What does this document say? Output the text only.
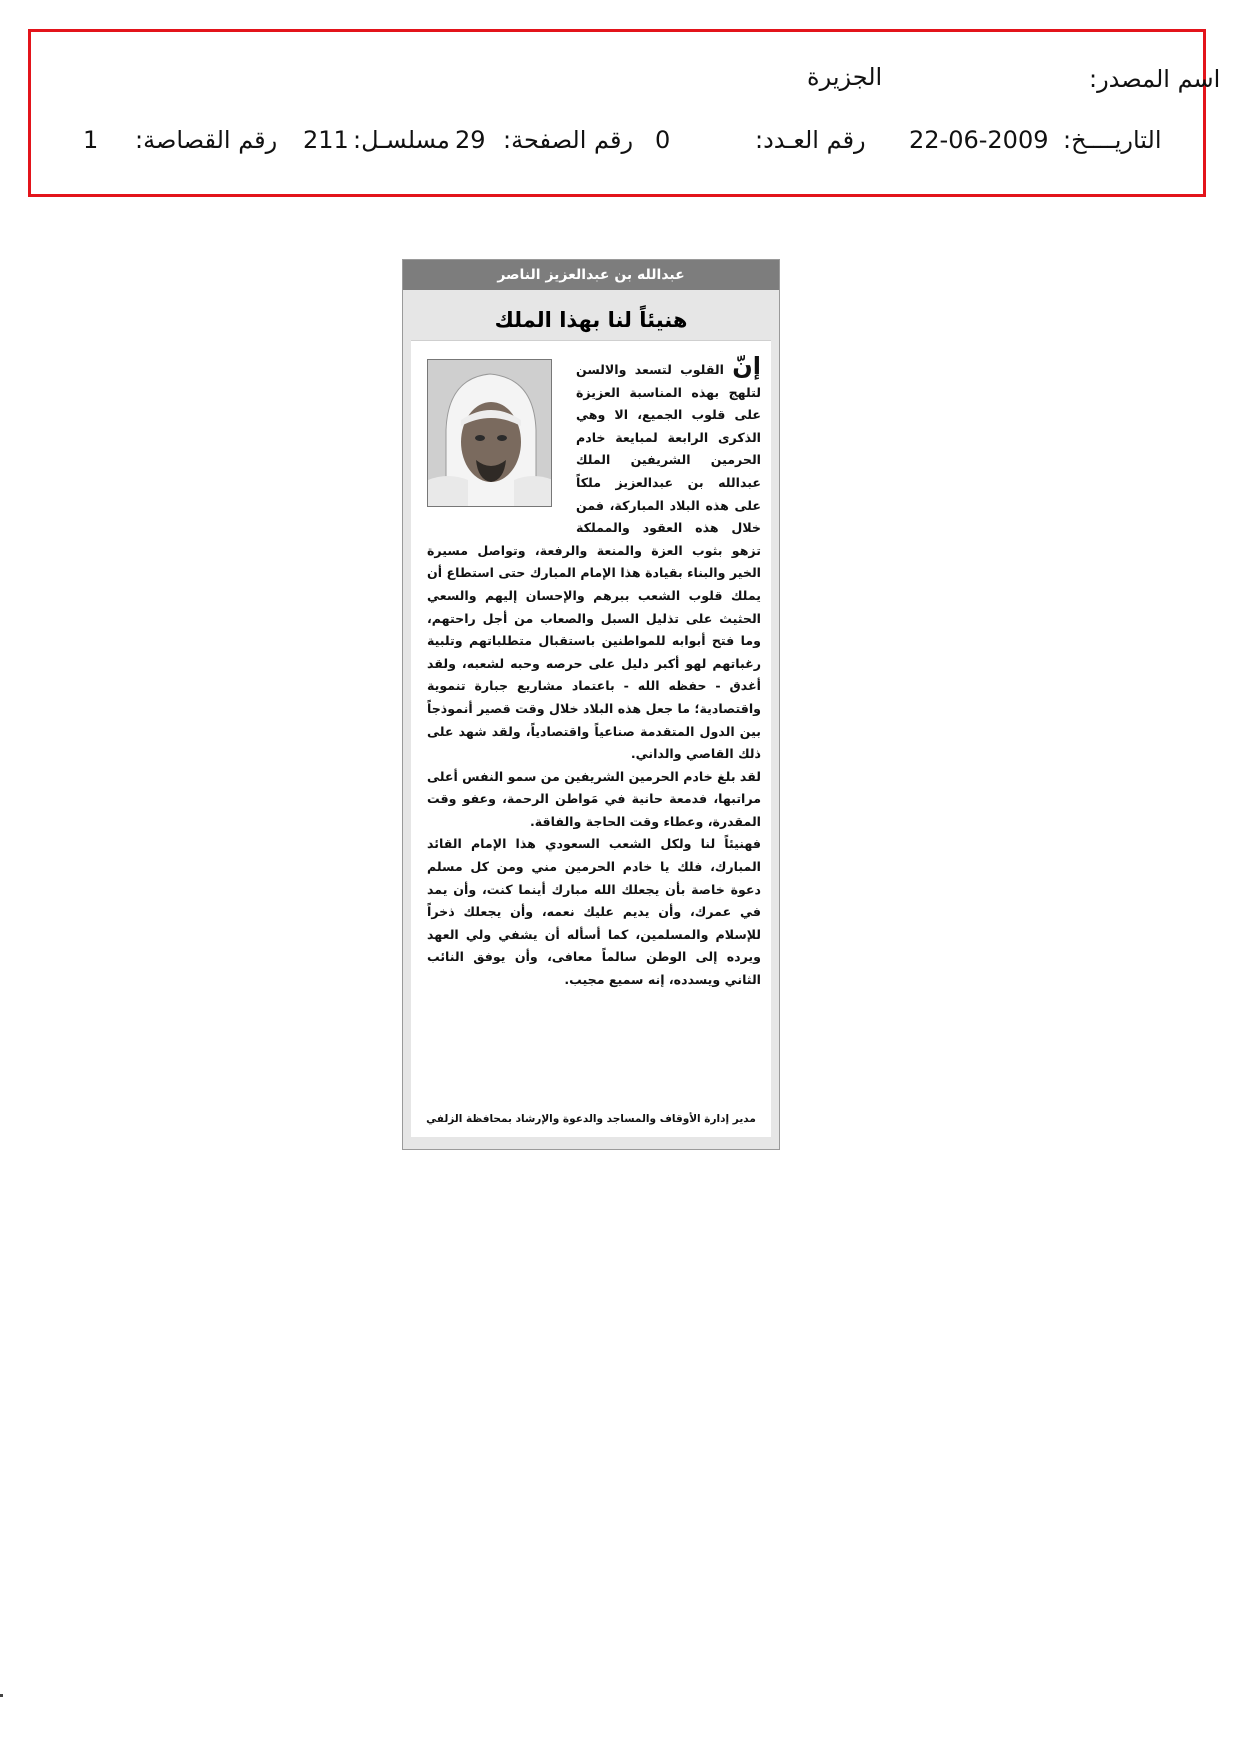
اسم المصدر:
الجزيرة
التاريــــخ:
22-06-2009
رقم العـدد:
0
رقم الصفحة:
29
مسلسـل:
211
رقم القصاصة:
1
عبدالله بن عبدالعزيز الناصر
هنيئاً لنا بهذا الملك

إنّ القلوب لتسعد والالسن لتلهج بهذه المناسبة العزيزة على قلوب الجميع، الا وهي الذكرى الرابعة لمبايعة خادم الحرمين الشريفين الملك عبدالله بن عبدالعزيز ملكاً على هذه البلاد المباركة، فمن خلال هذه العقود والمملكة تزهو بثوب العزة والمنعة والرفعة، وتواصل مسيرة الخير والبناء بقيادة هذا الإمام المبارك حتى استطاع أن يملك قلوب الشعب ببرهم والإحسان إليهم والسعي الحثيث على تذليل السبل والصعاب من أجل راحتهم، وما فتح أبوابه للمواطنين باستقبال متطلباتهم وتلبية رغباتهم لهو أكبر دليل على حرصه وحبه لشعبه، ولقد أغدق - حفظه الله - باعتماد مشاريع جبارة تنموية واقتصادية؛ ما جعل هذه البلاد خلال وقت قصير أنموذجاً بين الدول المتقدمة صناعياً واقتصادياً، ولقد شهد على ذلك القاصي والداني.

لقد بلغ خادم الحرمين الشريفين من سمو النفس أعلى مراتبها، فدمعة حانية في مَواطن الرحمة، وعفو وقت المقدرة، وعطاء وقت الحاجة والفاقة.

فهنيئاً لنا ولكل الشعب السعودي هذا الإمام القائد المبارك، فلك يا خادم الحرمين مني ومن كل مسلم دعوة خاصة بأن يجعلك الله مبارك أينما كنت، وأن يمد في عمرك، وأن يديم عليك نعمه، وأن يجعلك ذخراً للإسلام والمسلمين، كما أسأله أن يشفي ولي العهد ويرده إلى الوطن سالماً معافى، وأن يوفق النائب الثاني ويسدده، إنه سميع مجيب.

مدير إدارة الأوقاف والمساجد والدعوة والإرشاد بمحافظة الزلفي
